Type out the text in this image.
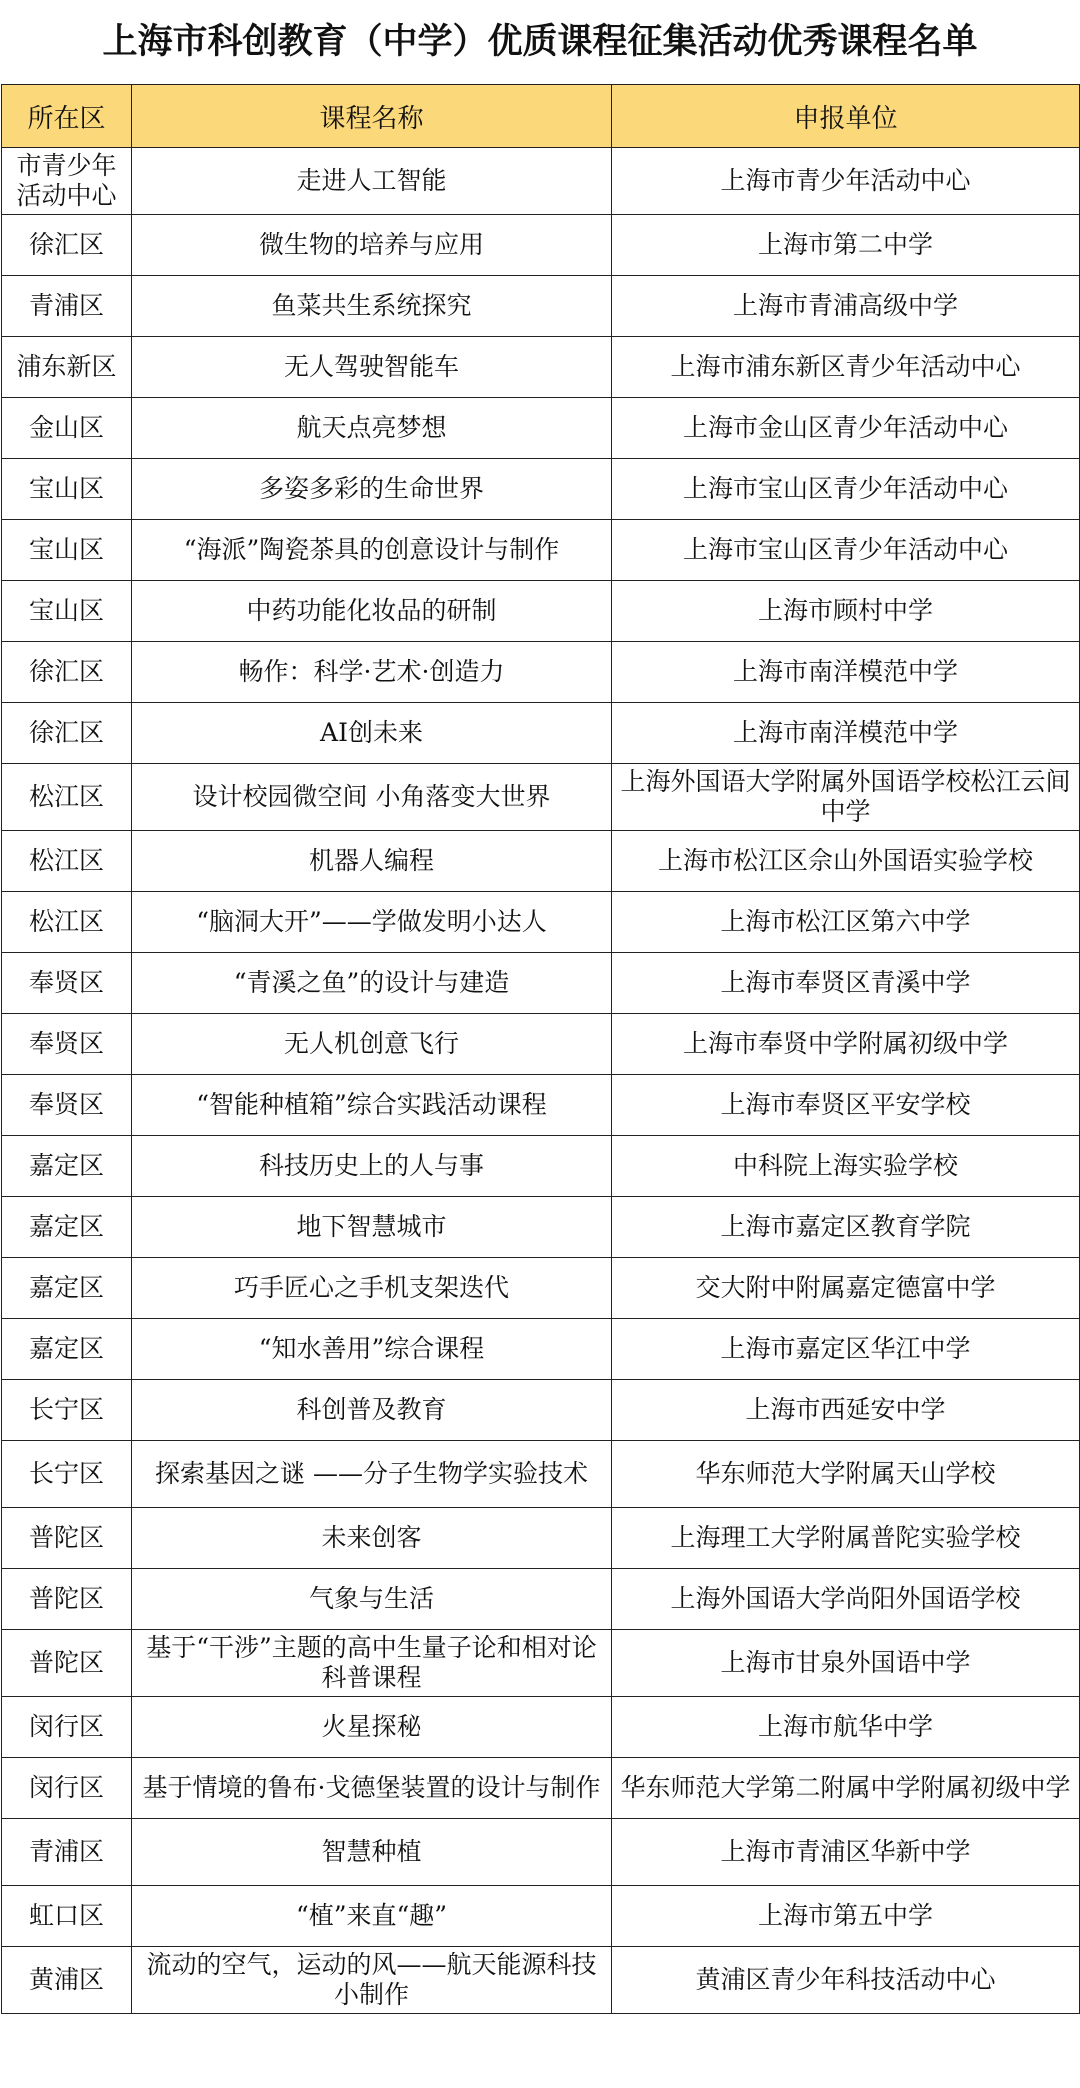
上海市科创教育（中学）优质课程征集活动优秀课程名单
所在区	课程名称	申报单位
市青少年活动中心	走进人工智能	上海市青少年活动中心
徐汇区	微生物的培养与应用	上海市第二中学
青浦区	鱼菜共生系统探究	上海市青浦高级中学
浦东新区	无人驾驶智能车	上海市浦东新区青少年活动中心
金山区	航天点亮梦想	上海市金山区青少年活动中心
宝山区	多姿多彩的生命世界	上海市宝山区青少年活动中心
宝山区	“海派”陶瓷茶具的创意设计与制作	上海市宝山区青少年活动中心
宝山区	中药功能化妆品的研制	上海市顾村中学
徐汇区	畅作：科学·艺术·创造力	上海市南洋模范中学
徐汇区	AI创未来	上海市南洋模范中学
松江区	设计校园微空间 小角落变大世界	上海外国语大学附属外国语学校松江云间中学
松江区	机器人编程	上海市松江区佘山外国语实验学校
松江区	“脑洞大开”——学做发明小达人	上海市松江区第六中学
奉贤区	“青溪之鱼”的设计与建造	上海市奉贤区青溪中学
奉贤区	无人机创意飞行	上海市奉贤中学附属初级中学
奉贤区	“智能种植箱”综合实践活动课程	上海市奉贤区平安学校
嘉定区	科技历史上的人与事	中科院上海实验学校
嘉定区	地下智慧城市	上海市嘉定区教育学院
嘉定区	巧手匠心之手机支架迭代	交大附中附属嘉定德富中学
嘉定区	“知水善用”综合课程	上海市嘉定区华江中学
长宁区	科创普及教育	上海市西延安中学
长宁区	探索基因之谜 ——分子生物学实验技术	华东师范大学附属天山学校
普陀区	未来创客	上海理工大学附属普陀实验学校
普陀区	气象与生活	上海外国语大学尚阳外国语学校
普陀区	基于“干涉”主题的高中生量子论和相对论科普课程	上海市甘泉外国语中学
闵行区	火星探秘	上海市航华中学
闵行区	基于情境的鲁布·戈德堡装置的设计与制作	华东师范大学第二附属中学附属初级中学
青浦区	智慧种植	上海市青浦区华新中学
虹口区	“植”来直“趣”	上海市第五中学
黄浦区	流动的空气，运动的风——航天能源科技小制作	黄浦区青少年科技活动中心
